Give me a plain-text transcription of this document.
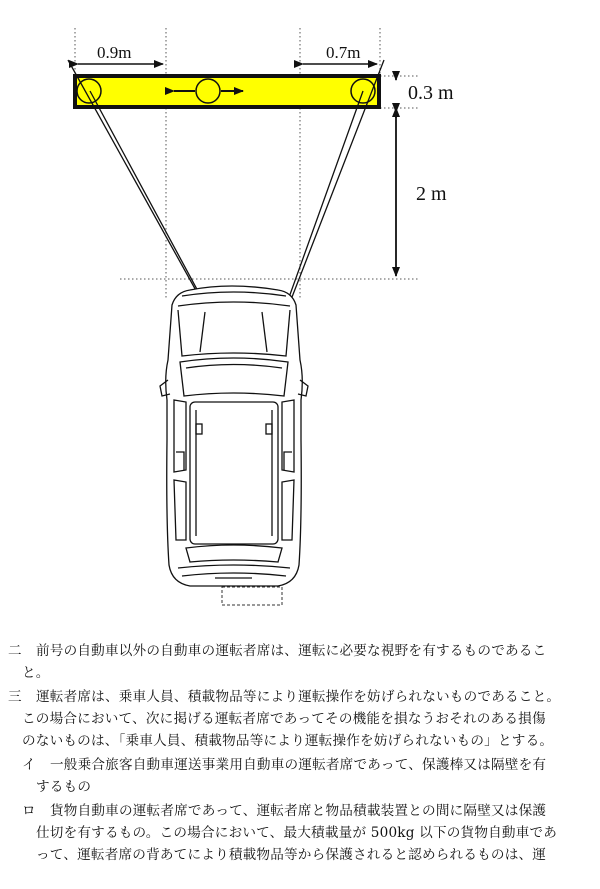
0.9m	0.7m
0.3 m
2 m
二 前号の自動車以外の自動車の運転者席は、運転に必要な視野を有するものであるこ
と。
三 運転者席は、乗車人員、積載物品等により運転操作を妨げられないものであること。
この場合において、次に掲げる運転者席であってその機能を損なうおそれのある損傷
のないものは、「乗車人員、積載物品等により運転操作を妨げられないもの」とする。
イ 一般乗合旅客自動車運送事業用自動車の運転者席であって、保護棒又は隔壁を有
するもの
ロ 貨物自動車の運転者席であって、運転者席と物品積載装置との間に隔壁又は保護
仕切を有するもの。この場合において、最大積載量が 500kg 以下の貨物自動車であ
って、運転者席の背あてにより積載物品等から保護されると認められるものは、運
